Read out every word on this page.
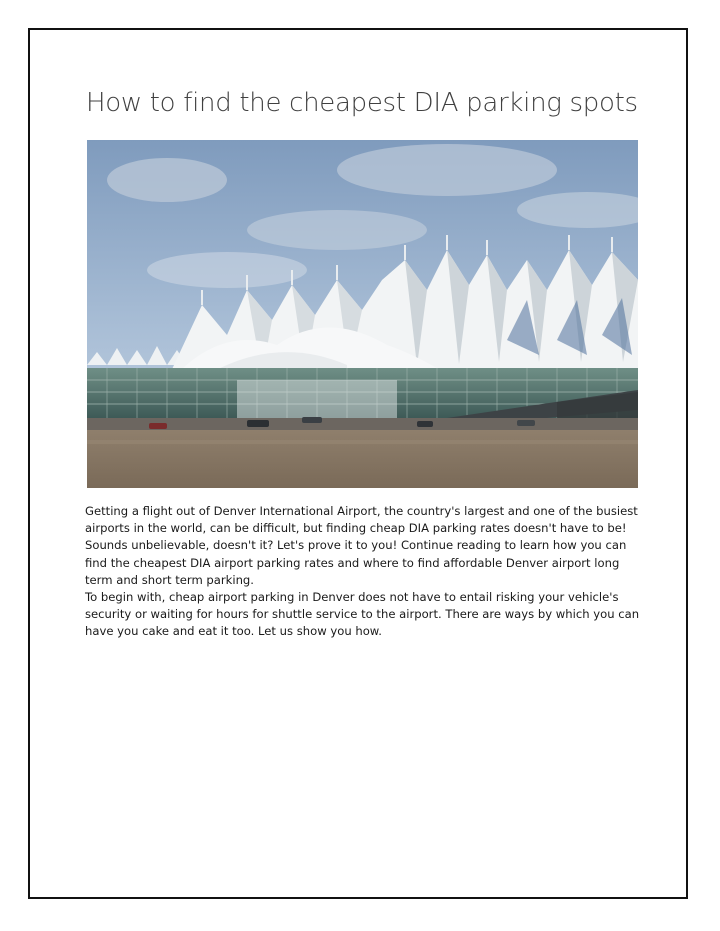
How to find the cheapest DIA parking spots

Getting a flight out of Denver International Airport, the country's largest and one of the busiest airports in the world, can be difficult, but finding cheap DIA parking rates doesn't have to be! Sounds unbelievable, doesn't it? Let's prove it to you! Continue reading to learn how you can find the cheapest DIA airport parking rates and where to find affordable Denver airport long term and short term parking.

To begin with, cheap airport parking in Denver does not have to entail risking your vehicle's security or waiting for hours for shuttle service to the airport. There are ways by which you can have you cake and eat it too. Let us show you how.
